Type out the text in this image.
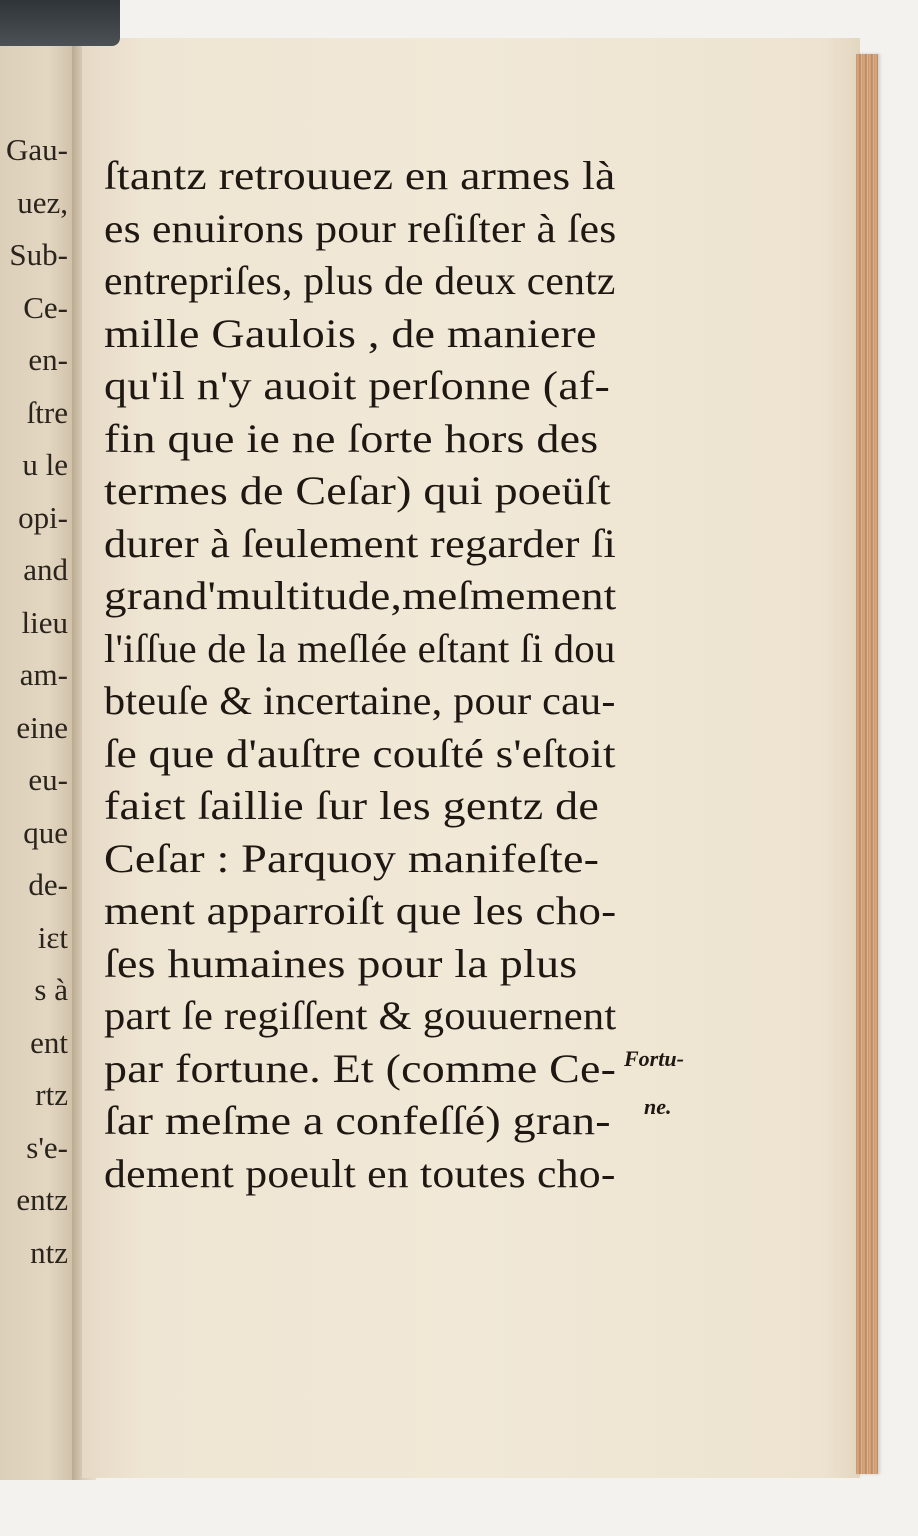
Gau-
uez,
Sub-
Ce-
en-
ſtre
u le
opi-
and
lieu
am-
eine
eu-
que
de-
iɛt
s à
ent
rtz
s'e-
entz
ntz
ſtantz retrouuez en armes là
es enuirons pour reſiſter à ſes
entrepriſes, plus de deux centz
mille Gaulois , de maniere
qu'il n'y auoit perſonne (af-
fin que ie ne ſorte hors des
termes de Ceſar) qui poeüſt
durer à ſeulement regarder ſi
grand'multitude,meſmement
l'iſſue de la meſlée eſtant ſi dou
bteuſe & incertaine, pour cau-
ſe que d'auſtre couſté s'eſtoit
faiɛt ſaillie ſur les gentz de
Ceſar : Parquoy manifeſte-
ment apparroiſt que les cho-
ſes humaines pour la plus
part ſe regiſſent & gouuernent
par fortune. Et (comme Ce-
ſar meſme a confeſſé) gran-
dement poeult en toutes cho-
Fortu-
ne.
